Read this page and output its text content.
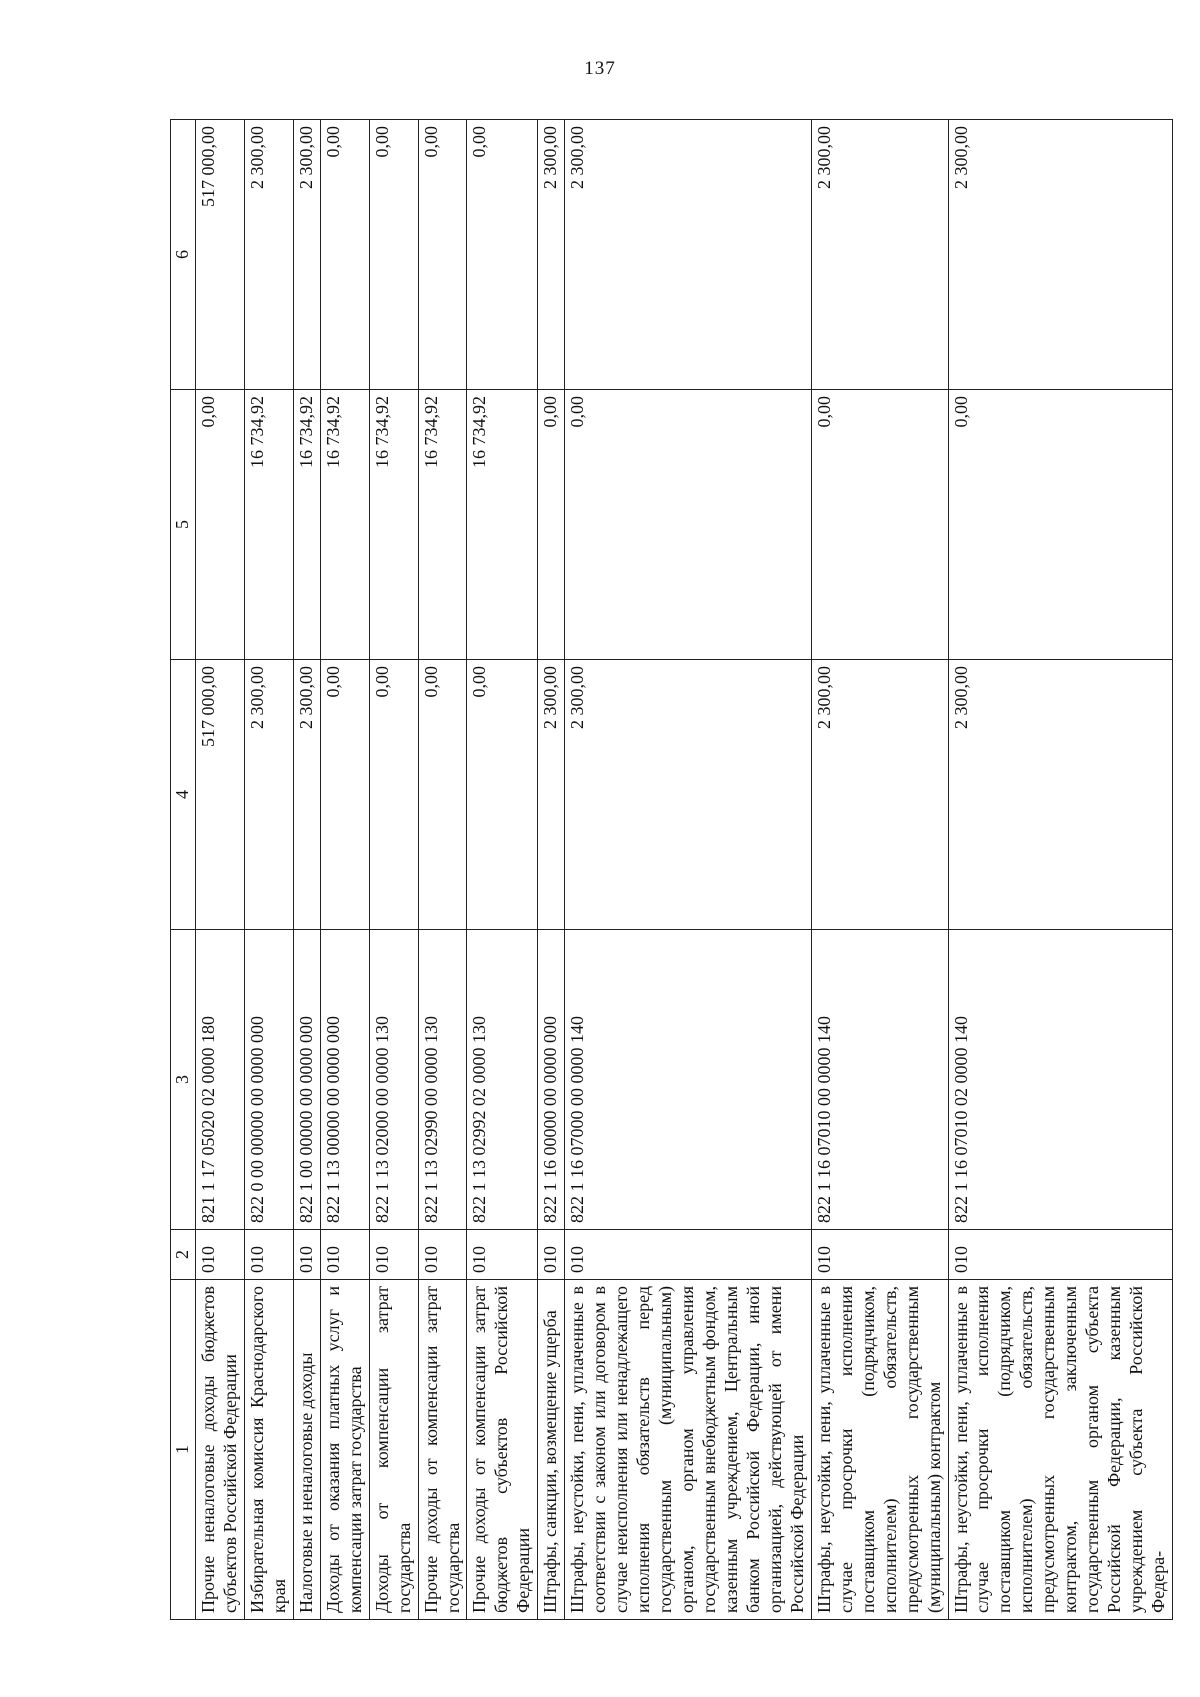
137
1	2	3	4	5	6
Прочие неналоговые доходы бюджетов субъектов Российской Федерации	010	821 1 17 05020 02 0000 180	517 000,00	0,00	517 000,00
Избирательная комиссия Краснодарского края	010	822 0 00 00000 00 0000 000	2 300,00	16 734,92	2 300,00
Налоговые и неналоговые доходы	010	822 1 00 00000 00 0000 000	2 300,00	16 734,92	2 300,00
Доходы от оказания платных услуг и компенсации затрат государства	010	822 1 13 00000 00 0000 000	0,00	16 734,92	0,00
Доходы от компенсации затрат государства	010	822 1 13 02000 00 0000 130	0,00	16 734,92	0,00
Прочие доходы от компенсации затрат государства	010	822 1 13 02990 00 0000 130	0,00	16 734,92	0,00
Прочие доходы от компенсации затрат бюджетов субъектов Российской Федерации	010	822 1 13 02992 02 0000 130	0,00	16 734,92	0,00
Штрафы, санкции, возмещение ущерба	010	822 1 16 00000 00 0000 000	2 300,00	0,00	2 300,00
Штрафы, неустойки, пени, уплаченные в соответствии с законом или договором в случае неисполнения или ненадлежащего исполнения обязательств перед государственным (муниципальным) органом, органом управления государственным внебюджетным фондом, казенным учреждением, Центральным банком Российской Федерации, иной организацией, действующей от имени Российской Федерации	010	822 1 16 07000 00 0000 140	2 300,00	0,00	2 300,00
Штрафы, неустойки, пени, уплаченные в случае просрочки исполнения поставщиком (подрядчиком, исполнителем) обязательств, предусмотренных государственным (муниципальным) контрактом	010	822 1 16 07010 00 0000 140	2 300,00	0,00	2 300,00
Штрафы, неустойки, пени, уплаченные в случае просрочки исполнения поставщиком (подрядчиком, исполнителем) обязательств, предусмотренных государственным контрактом, заключенным государственным органом субъекта Российской Федерации, казенным учреждением субъекта Российской Федера-	010	822 1 16 07010 02 0000 140	2 300,00	0,00	2 300,00
